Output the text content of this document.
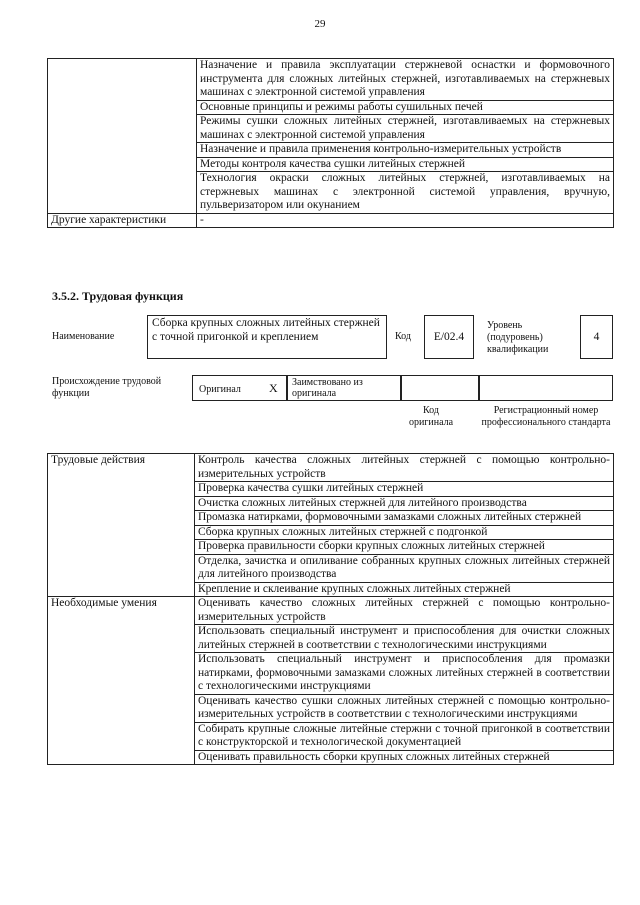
29
	Назначение и правила эксплуатации стержневой оснастки и формовочного инструмента для сложных литейных стержней, изготавливаемых на стержневых машинах с электронной системой управления
	Основные принципы и режимы работы сушильных печей
	Режимы сушки сложных литейных стержней, изготавливаемых на стержневых машинах с электронной системой управления
	Назначение и правила применения контрольно-измерительных устройств
	Методы контроля качества сушки литейных стержней
	Технология окраски сложных литейных стержней, изготавливаемых на стержневых машинах с электронной системой управления, вручную, пульверизатором или окунанием
Другие характеристики	-
3.5.2. Трудовая функция
Наименование
Сборка крупных сложных литейных стержней с точной пригонкой и креплением	Код	E/02.4
Уровень (подуровень) квалификации
4
Происхождение трудовой функции	Оригинал X	Заимствовано из оригинала
Код оригинала
Регистрационный номер профессионального стандарта
Трудовые действия	Контроль качества сложных литейных стержней с помощью контрольно-измерительных устройств
	Проверка качества сушки литейных стержней
	Очистка сложных литейных стержней для литейного производства
	Промазка натирками, формовочными замазками сложных литейных стержней
	Сборка крупных сложных литейных стержней с подгонкой
	Проверка правильности сборки крупных сложных литейных стержней
	Отделка, зачистка и опиливание собранных крупных сложных литейных стержней для литейного производства
	Крепление и склеивание крупных сложных литейных стержней
Необходимые умения	Оценивать качество сложных литейных стержней с помощью контрольно-измерительных устройств
	Использовать специальный инструмент и приспособления для очистки сложных литейных стержней в соответствии с технологическими инструкциями
	Использовать специальный инструмент и приспособления для промазки натирками, формовочными замазками сложных литейных стержней в соответствии с технологическими инструкциями
	Оценивать качество сушки сложных литейных стержней с помощью контрольно-измерительных устройств в соответствии с технологическими инструкциями
	Собирать крупные сложные литейные стержни с точной пригонкой в соответствии с конструкторской и технологической документацией
	Оценивать правильность сборки крупных сложных литейных стержней
